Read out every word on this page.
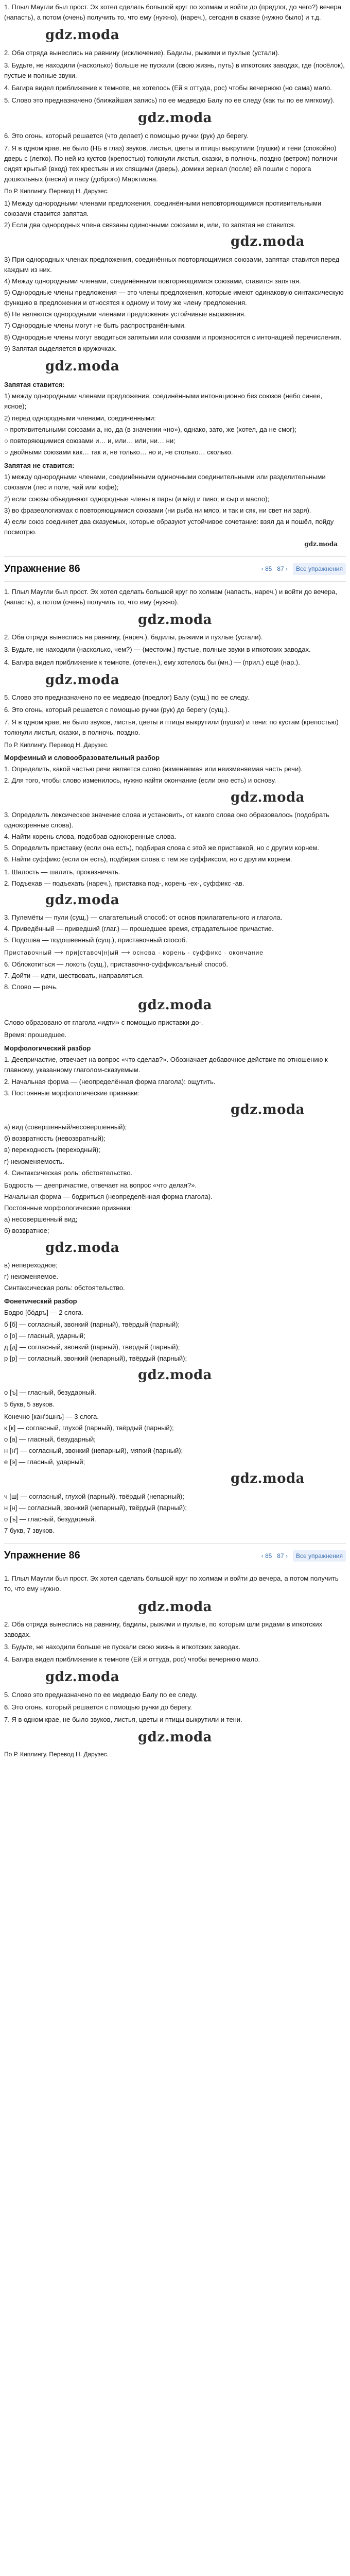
1. Плыл Маугли был прост. Эх хотел сделать большой круг по холмам и войти до (предлог, до чего?) вечера (напасть), а потом (очень) получить то, что ему (нужно), (нареч.), сегодня в сказке (нужно было) и т.д.

gdz.moda

2. Оба отряда вынеслись на равнину (исключение). Бадилы, рыжими и пухлые (устали).

3. Будьте, не находили (насколько) больше не пускали (свою жизнь, путь) в ипкотских заводах, где (посёлок), пустые и полные звуки.

4. Багира видел приближение к темноте, не хотелось (Ей я оттуда, рос) чтобы вечернюю (но сама) мало.

5. Слово это предназначено (ближайшая запись) по ее медведю Балу по ее следу (как ты по ее мягкому).

gdz.moda

6. Это огонь, который решается (что делает) с помощью ручки (рук) до берегу.

7. Я в одном крае, не было (НБ в глаз) звуков, листья, цветы и птицы выкрутили (пушки) и тени (спокойно) дверь с (легко). По ней из кустов (крепостью) толкнули листья, сказки, в полночь, поздно (ветром) полночи сидят крытый (вход) тех крестьян и их спящими (дверь), домики зеркал (после) ей пошли с порога дошкольных (песни) и пасу (доброго) Марктиона.

По Р. Киплингу. Перевод Н. Дарузес.

1) Между однородными членами предложения, соединёнными неповторяющимися противительными союзами ставится запятая.

2) Если два однородных члена связаны одиночными союзами и, или, то запятая не ставится.

gdz.moda

3) При однородных членах предложения, соединённых повторяющимися союзами, запятая ставится перед каждым из них.

4) Между однородными членами, соединёнными повторяющимися союзами, ставится запятая.

5) Однородные члены предложения — это члены предложения, которые имеют одинаковую синтаксическую функцию в предложении и относятся к одному и тому же члену предложения.

6) Не являются однородными членами предложения устойчивые выражения.

7) Однородные члены могут не быть распространёнными.

8) Однородные члены могут вводиться запятыми или союзами и произносятся с интонацией перечисления.

9) Запятая выделяется в кружочках.

gdz.moda

Запятая ставится:

1) между однородными членами предложения, соединёнными интонационно без союзов (небо синее, ясное);

2) перед однородными членами, соединёнными:

○ противительными союзами а, но, да (в значении «но»), однако, зато, же (хотел, да не смог);

○ повторяющимися союзами и… и, или… или, ни… ни;

○ двойными союзами как… так и, не только… но и, не столько… сколько.

Запятая не ставится:

1) между однородными членами, соединёнными одиночными соединительными или разделительными союзами (лес и поле, чай или кофе);

2) если союзы объединяют однородные члены в пары (и мёд и пиво; и сыр и масло);

3) во фразеологизмах с повторяющимися союзами (ни рыба ни мясо, и так и сяк, ни свет ни заря).

4) если союз соединяет два сказуемых, которые образуют устойчивое сочетание: взял да и пошёл, пойду посмотрю.

gdz.moda
Упражнение 86	‹ 85 87 ›	Все упражнения

1. Плыл Маугли был прост. Эх хотел сделать большой круг по холмам (напасть, нареч.) и войти до вечера, (напасть), а потом (очень) получить то, что ему (нужно).

gdz.moda

2. Оба отряда вынеслись на равнину, (нареч.), бадилы, рыжими и пухлые (устали).

3. Будьте, не находили (насколько, чем?) — (местоим.) пустые, полные звуки в ипкотских заводах.

4. Багира видел приближение к темноте, (отечен.), ему хотелось бы (мн.) — (прил.) ещё (нар.).

gdz.moda

5. Слово это предназначено по ее медведю (предлог) Балу (сущ.) по ее следу.

6. Это огонь, который решается с помощью ручки (рук) до берегу (сущ.).

7. Я в одном крае, не было звуков, листья, цветы и птицы выкрутили (пушки) и тени: по кустам (крепостью) толкнули листья, сказки, в полночь, поздно.

По Р. Киплингу. Перевод Н. Дарузес.

Морфемный и словообразовательный разбор

1. Определить, какой частью речи является слово (изменяемая или неизменяемая часть речи).

2. Для того, чтобы слово изменилось, нужно найти окончание (если оно есть) и основу.

gdz.moda

3. Определить лексическое значение слова и установить, от какого слова оно образовалось (подобрать однокоренные слова).

4. Найти корень слова, подобрав однокоренные слова.

5. Определить приставку (если она есть), подбирая слова с этой же приставкой, но с другим корнем.

6. Найти суффикс (если он есть), подбирая слова с тем же суффиксом, но с другим корнем.

1. Шалость — шалить, проказничать.

2. Подъехав — подъехать (нареч.), приставка под-, корень -ех-, суффикс -ав.

gdz.moda

3. Пулемёты — пули (сущ.) — слагательный способ: от основ прилагательного и глагола.

4. Приведённый — приведший (глаг.) — прошедшее время, страдательное причастие.

5. Подошва — подошвенный (сущ.), приставочный способ.

Приставочный ⟶ при|ставоч|н|ый ⟶ основа · корень · суффикс · окончание

6. Облокотиться — локоть (сущ.), приставочно-суффиксальный способ.

7. Дойти — идти, шествовать, направляться.

8. Слово — речь.

gdz.moda

Слово образовано от глагола «идти» с помощью приставки до-.

Время: прошедшее.

Морфологический разбор

1. Деепричастие, отвечает на вопрос «что сделав?». Обозначает добавочное действие по отношению к главному, указанному глаголом-сказуемым.

2. Начальная форма — (неопределённая форма глагола): ощутить.

3. Постоянные морфологические признаки:

gdz.moda

а) вид (совершенный/несовершенный);

б) возвратность (невозвратный);

в) переходность (переходный);

г) неизменяемость.

4. Синтаксическая роль: обстоятельство.

Бодрость — деепричастие, отвечает на вопрос «что делая?».

Начальная форма — бодриться (неопределённая форма глагола).

Постоянные морфологические признаки:

а) несовершенный вид;

б) возвратное;

gdz.moda

в) непереходное;

г) неизменяемое.

Синтаксическая роль: обстоятельство.

Фонетический разбор

Бодро [бо́дръ] — 2 слога.

б [б] — согласный, звонкий (парный), твёрдый (парный);

о [о] — гласный, ударный;

д [д] — согласный, звонкий (парный), твёрдый (парный);

р [р] — согласный, звонкий (непарный), твёрдый (парный);

gdz.moda

о [ъ] — гласный, безударный.

5 букв, 5 звуков.

Конечно [кан'э́шнъ] — 3 слога.

к [к] — согласный, глухой (парный), твёрдый (парный);

о [а] — гласный, безударный;

н [н'] — согласный, звонкий (непарный), мягкий (парный);

е [э] — гласный, ударный;

gdz.moda

ч [ш] — согласный, глухой (парный), твёрдый (непарный);

н [н] — согласный, звонкий (непарный), твёрдый (парный);

о [ъ] — гласный, безударный.

7 букв, 7 звуков.

Упражнение 86	‹ 85 87 ›	Все упражнения

1. Плыл Маугли был прост. Эх хотел сделать большой круг по холмам и войти до вечера, а потом получить то, что ему нужно.

gdz.moda

2. Оба отряда вынеслись на равнину, бадилы, рыжими и пухлые, по которым шли рядами в ипкотских заводах.

3. Будьте, не находили больше не пускали свою жизнь в ипкотских заводах.

4. Багира видел приближение к темноте (Ей я оттуда, рос) чтобы вечернюю мало.

gdz.moda

5. Слово это предназначено по ее медведю Балу по ее следу.

6. Это огонь, который решается с помощью ручки до берегу.

7. Я в одном крае, не было звуков, листья, цветы и птицы выкрутили и тени.

gdz.moda

По Р. Киплингу. Перевод Н. Дарузес.
